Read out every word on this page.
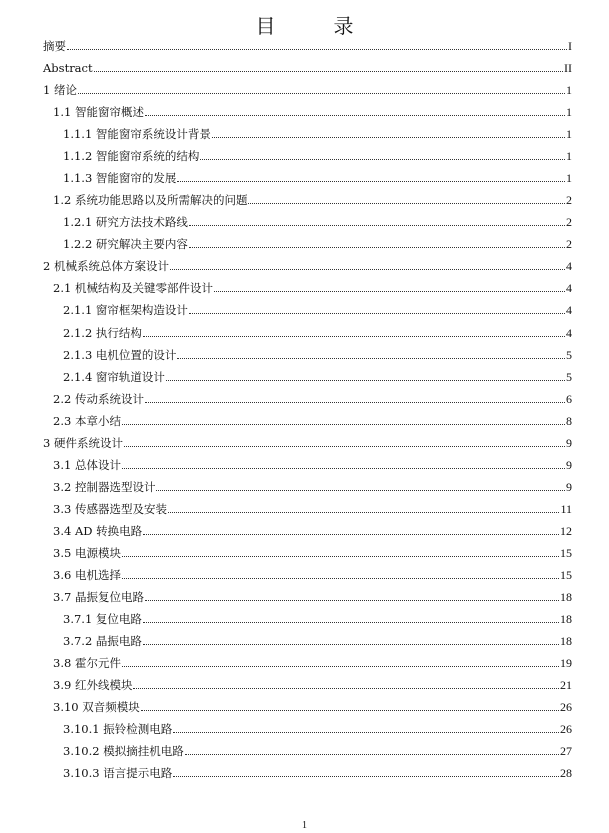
目	录
摘要	I
Abstract	II
1 绪论	1
1.1 智能窗帘概述	1
1.1.1 智能窗帘系统设计背景	1
1.1.2 智能窗帘系统的结构	1
1.1.3 智能窗帘的发展	1
1.2 系统功能思路以及所需解决的问题	2
1.2.1 研究方法技术路线	2
1.2.2 研究解决主要内容	2
2 机械系统总体方案设计	4
2.1 机械结构及关键零部件设计	4
2.1.1 窗帘框架构造设计	4
2.1.2 执行结构	4
2.1.3 电机位置的设计	5
2.1.4 窗帘轨道设计	5
2.2 传动系统设计	6
2.3 本章小结	8
3 硬件系统设计	9
3.1 总体设计	9
3.2 控制器选型设计	9
3.3 传感器选型及安装	11
3.4 AD 转换电路	12
3.5 电源模块	15
3.6 电机选择	15
3.7 晶振复位电路	18
3.7.1 复位电路	18
3.7.2 晶振电路	18
3.8 霍尔元件	19
3.9 红外线模块	21
3.10 双音频模块	26
3.10.1 振铃检测电路	26
3.10.2 模拟摘挂机电路	27
3.10.3 语言提示电路	28
1
